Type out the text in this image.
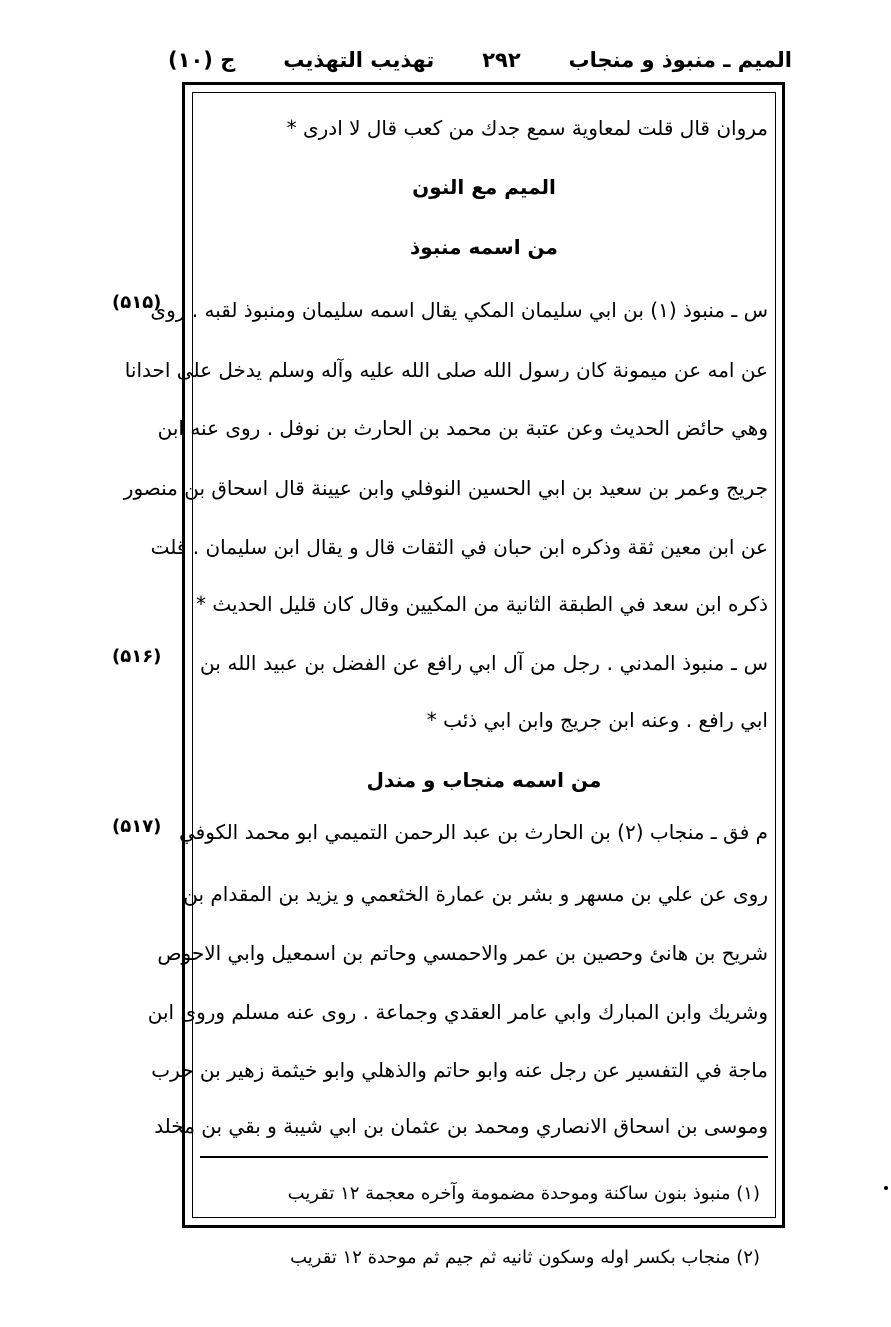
ج (۱۰) تهذيب التهذيب ۲۹۲ الميم ـ منبوذ و منجاب
مروان قال قلت لمعاوية سمع جدك من كعب قال لا ادرى *
الميم مع النون
من اسمه منبوذ
س ـ منبوذ (۱) بن ابي سليمان المكي يقال اسمه سليمان ومنبوذ لقبه . روى
عن امه عن ميمونة كان رسول الله صلى الله عليه وآله وسلم يدخل على احدانا
وهي حائض الحديث وعن عتبة بن محمد بن الحارث بن نوفل . روى عنه ابن
جريج وعمر بن سعيد بن ابي الحسين النوفلي وابن عيينة قال اسحاق بن منصور
عن ابن معين ثقة وذكره ابن حبان في الثقات قال و يقال ابن سليمان . قلت
ذكره ابن سعد في الطبقة الثانية من المكيين وقال كان قليل الحديث *
س ـ منبوذ المدني . رجل من آل ابي رافع عن الفضل بن عبيد الله بن
ابي رافع . وعنه ابن جريج وابن ابي ذئب *
من اسمه منجاب و مندل
م فق ـ منجاب (۲) بن الحارث بن عبد الرحمن التميمي ابو محمد الكوفي
روى عن علي بن مسهر و بشر بن عمارة الخثعمي و يزيد بن المقدام بن
شريح بن هانئ وحصين بن عمر والاحمسي وحاتم بن اسمعيل وابي الاحوص
وشريك وابن المبارك وابي عامر العقدي وجماعة . روى عنه مسلم وروى ابن
ماجة في التفسير عن رجل عنه وابو حاتم والذهلي وابو خيثمة زهير بن حرب
وموسى بن اسحاق الانصاري ومحمد بن عثمان بن ابي شيبة و بقي بن مخلد
(۵۱۵)
(۵۱۶)
(۵۱۷)
(۱) منبوذ بنون ساكنة وموحدة مضمومة وآخره معجمة ۱۲ تقريب
(۲) منجاب بكسر اوله وسكون ثانيه ثم جيم ثم موحدة ۱۲ تقريب
